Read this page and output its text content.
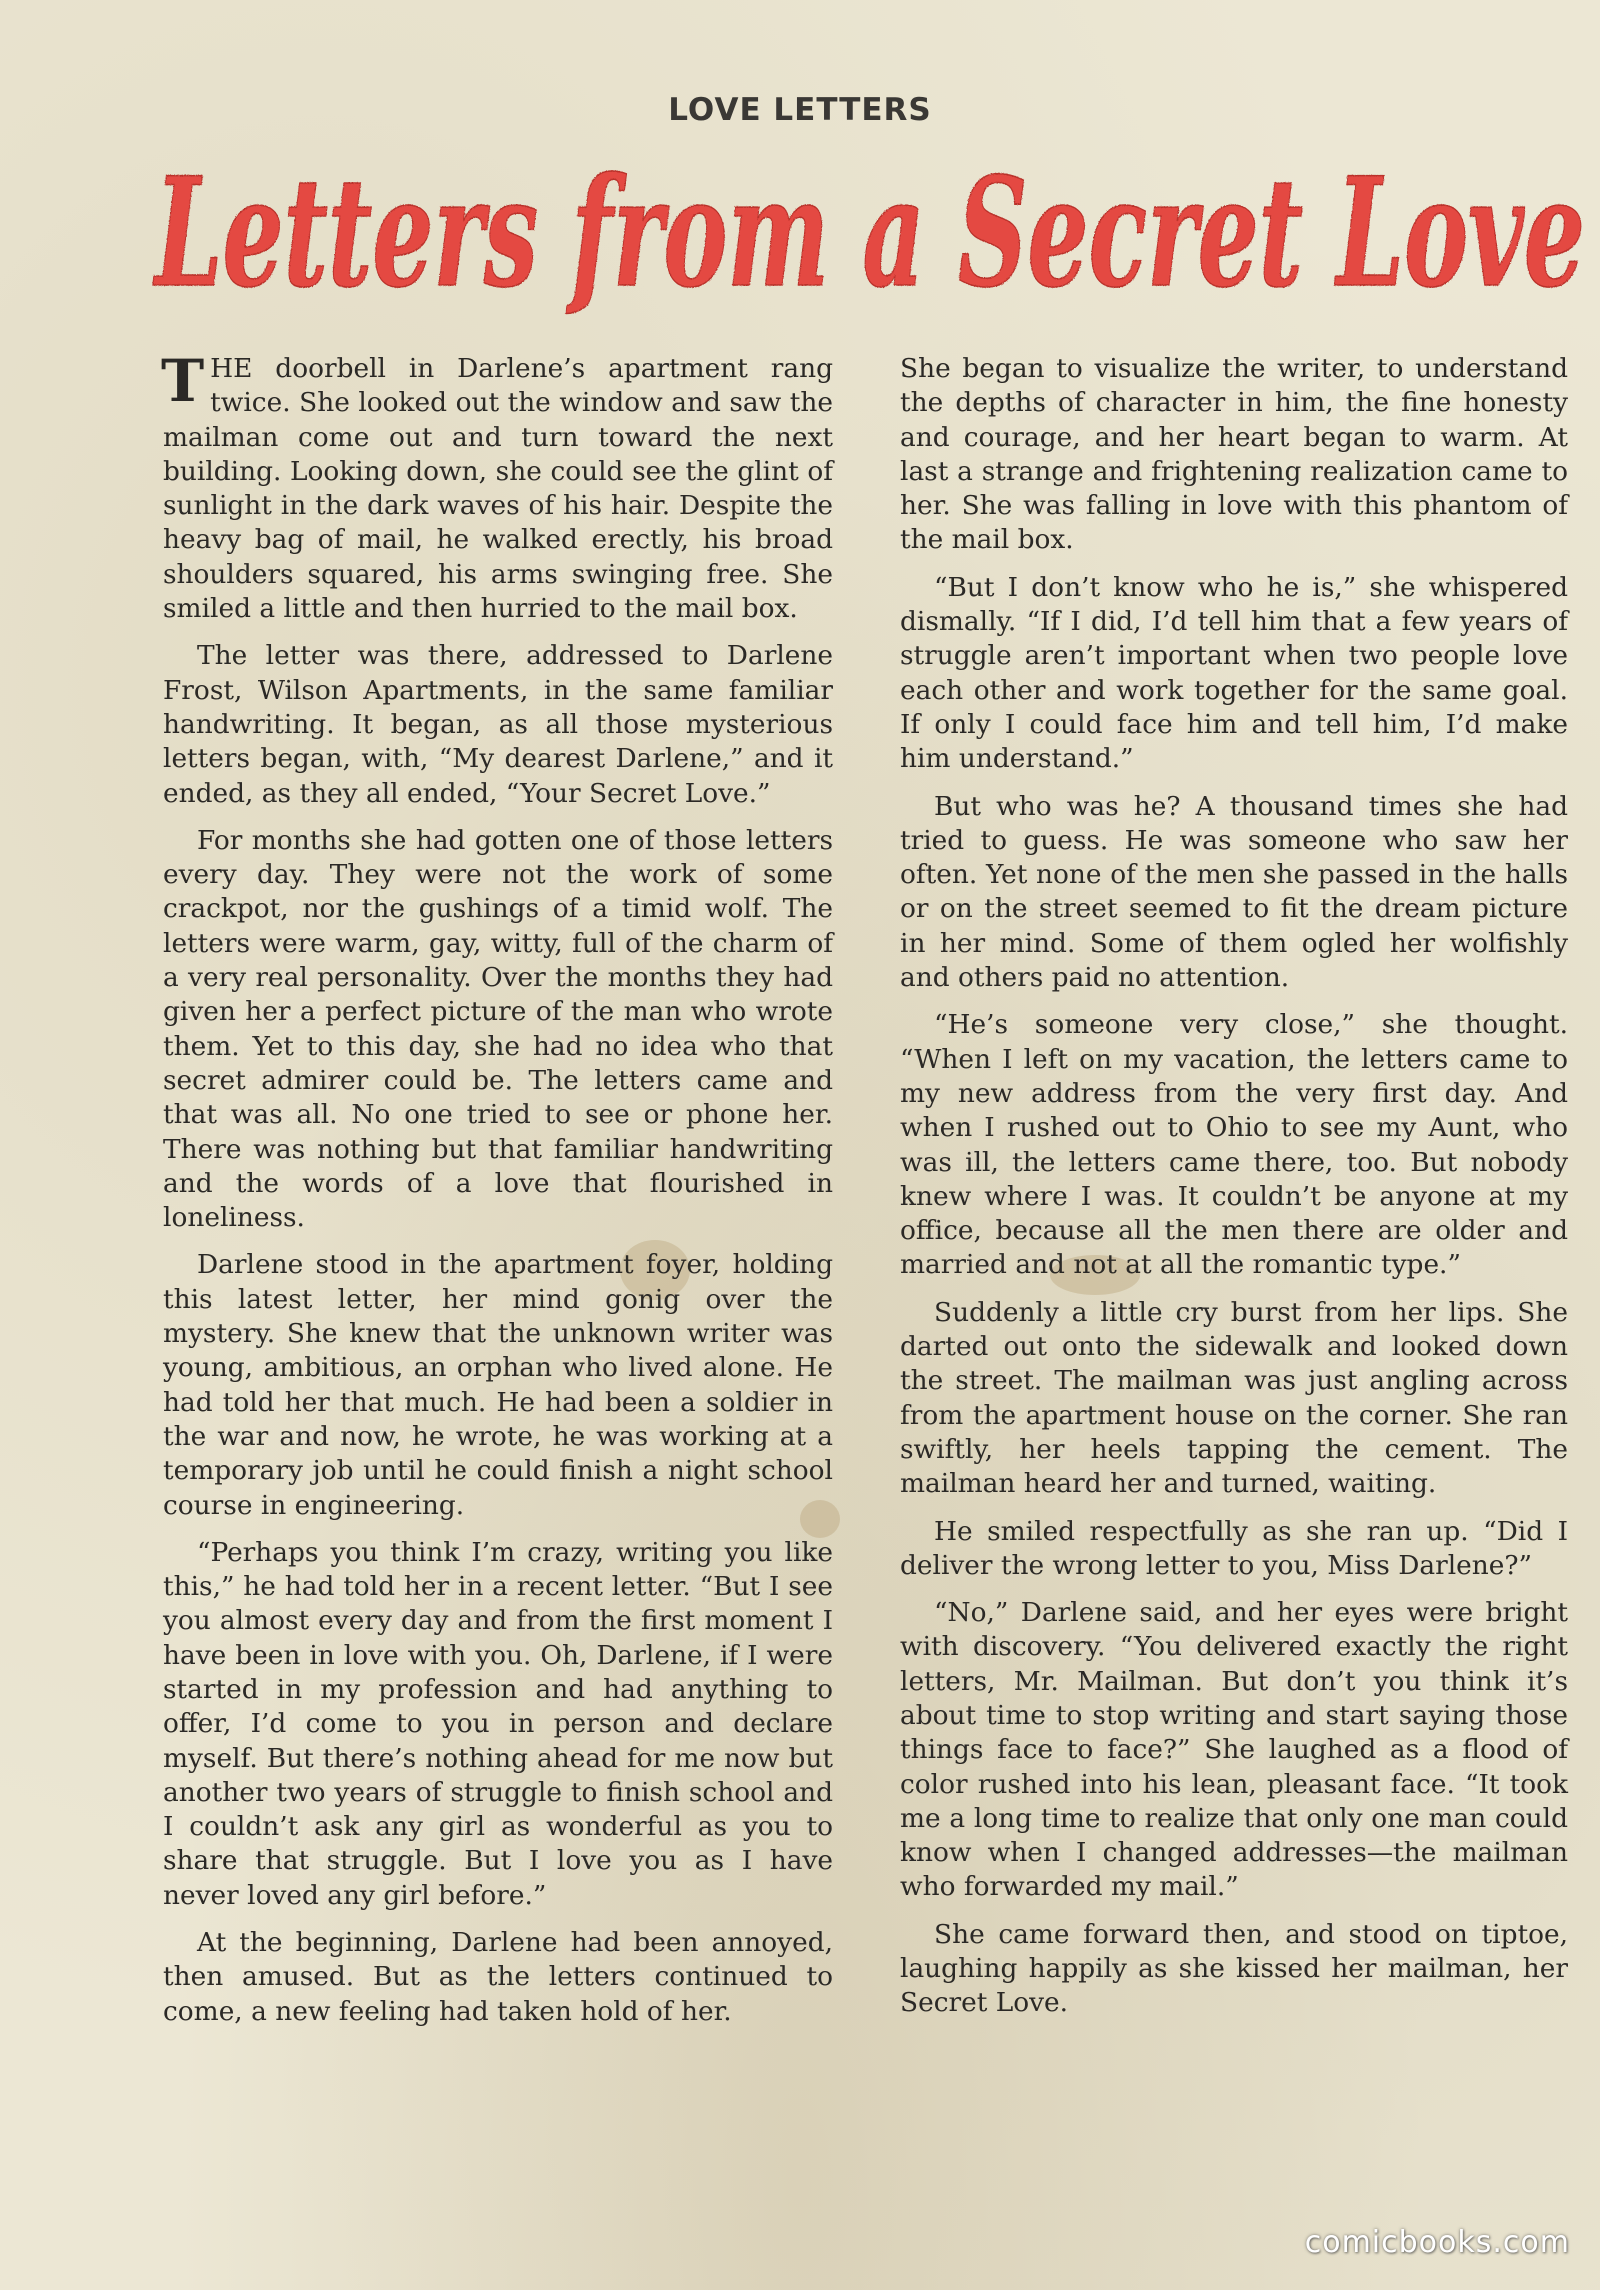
LOVE LETTERS
Letters from a Secret Love

THE doorbell in Darlene’s apartment rang twice. She looked out the window and saw the mailman come out and turn toward the next building. Looking down, she could see the glint of sunlight in the dark waves of his hair. Despite the heavy bag of mail, he walked erectly, his broad shoulders squared, his arms swinging free. She smiled a little and then hurried to the mail box.

The letter was there, addressed to Darlene Frost, Wilson Apartments, in the same familiar handwriting. It began, as all those mysterious letters began, with, “My dearest Darlene,” and it ended, as they all ended, “Your Secret Love.”

For months she had gotten one of those letters every day. They were not the work of some crackpot, nor the gushings of a timid wolf. The letters were warm, gay, witty, full of the charm of a very real personality. Over the months they had given her a perfect picture of the man who wrote them. Yet to this day, she had no idea who that secret admirer could be. The letters came and that was all. No one tried to see or phone her. There was nothing but that familiar handwriting and the words of a love that flourished in loneliness.

Darlene stood in the apartment foyer, holding this latest letter, her mind gonig over the mystery. She knew that the unknown writer was young, ambitious, an orphan who lived alone. He had told her that much. He had been a soldier in the war and now, he wrote, he was working at a temporary job until he could finish a night school course in engineering.

“Perhaps you think I’m crazy, writing you like this,” he had told her in a recent letter. “But I see you almost every day and from the first moment I have been in love with you. Oh, Darlene, if I were started in my profession and had anything to offer, I’d come to you in person and declare myself. But there’s nothing ahead for me now but another two years of struggle to finish school and I couldn’t ask any girl as wonderful as you to share that struggle. But I love you as I have never loved any girl before.”

At the beginning, Darlene had been annoyed, then amused. But as the letters continued to come, a new feeling had taken hold of her.

She began to visualize the writer, to understand the depths of character in him, the fine honesty and courage, and her heart began to warm. At last a strange and frightening realization came to her. She was falling in love with this phantom of the mail box.

“But I don’t know who he is,” she whispered dismally. “If I did, I’d tell him that a few years of struggle aren’t important when two people love each other and work together for the same goal. If only I could face him and tell him, I’d make him understand.”

But who was he? A thousand times she had tried to guess. He was someone who saw her often. Yet none of the men she passed in the halls or on the street seemed to fit the dream picture in her mind. Some of them ogled her wolfishly and others paid no attention.

“He’s someone very close,” she thought. “When I left on my vacation, the letters came to my new address from the very first day. And when I rushed out to Ohio to see my Aunt, who was ill, the letters came there, too. But nobody knew where I was. It couldn’t be anyone at my office, because all the men there are older and married and not at all the romantic type.”

Suddenly a little cry burst from her lips. She darted out onto the sidewalk and looked down the street. The mailman was just angling across from the apartment house on the corner. She ran swiftly, her heels tapping the cement. The mailman heard her and turned, waiting.

He smiled respectfully as she ran up. “Did I deliver the wrong letter to you, Miss Darlene?”

“No,” Darlene said, and her eyes were bright with discovery. “You delivered exactly the right letters, Mr. Mailman. But don’t you think it’s about time to stop writing and start saying those things face to face?” She laughed as a flood of color rushed into his lean, pleasant face. “It took me a long time to realize that only one man could know when I changed addresses—the mailman who forwarded my mail.”

She came forward then, and stood on tiptoe, laughing happily as she kissed her mailman, her Secret Love.

comicbooks.com
